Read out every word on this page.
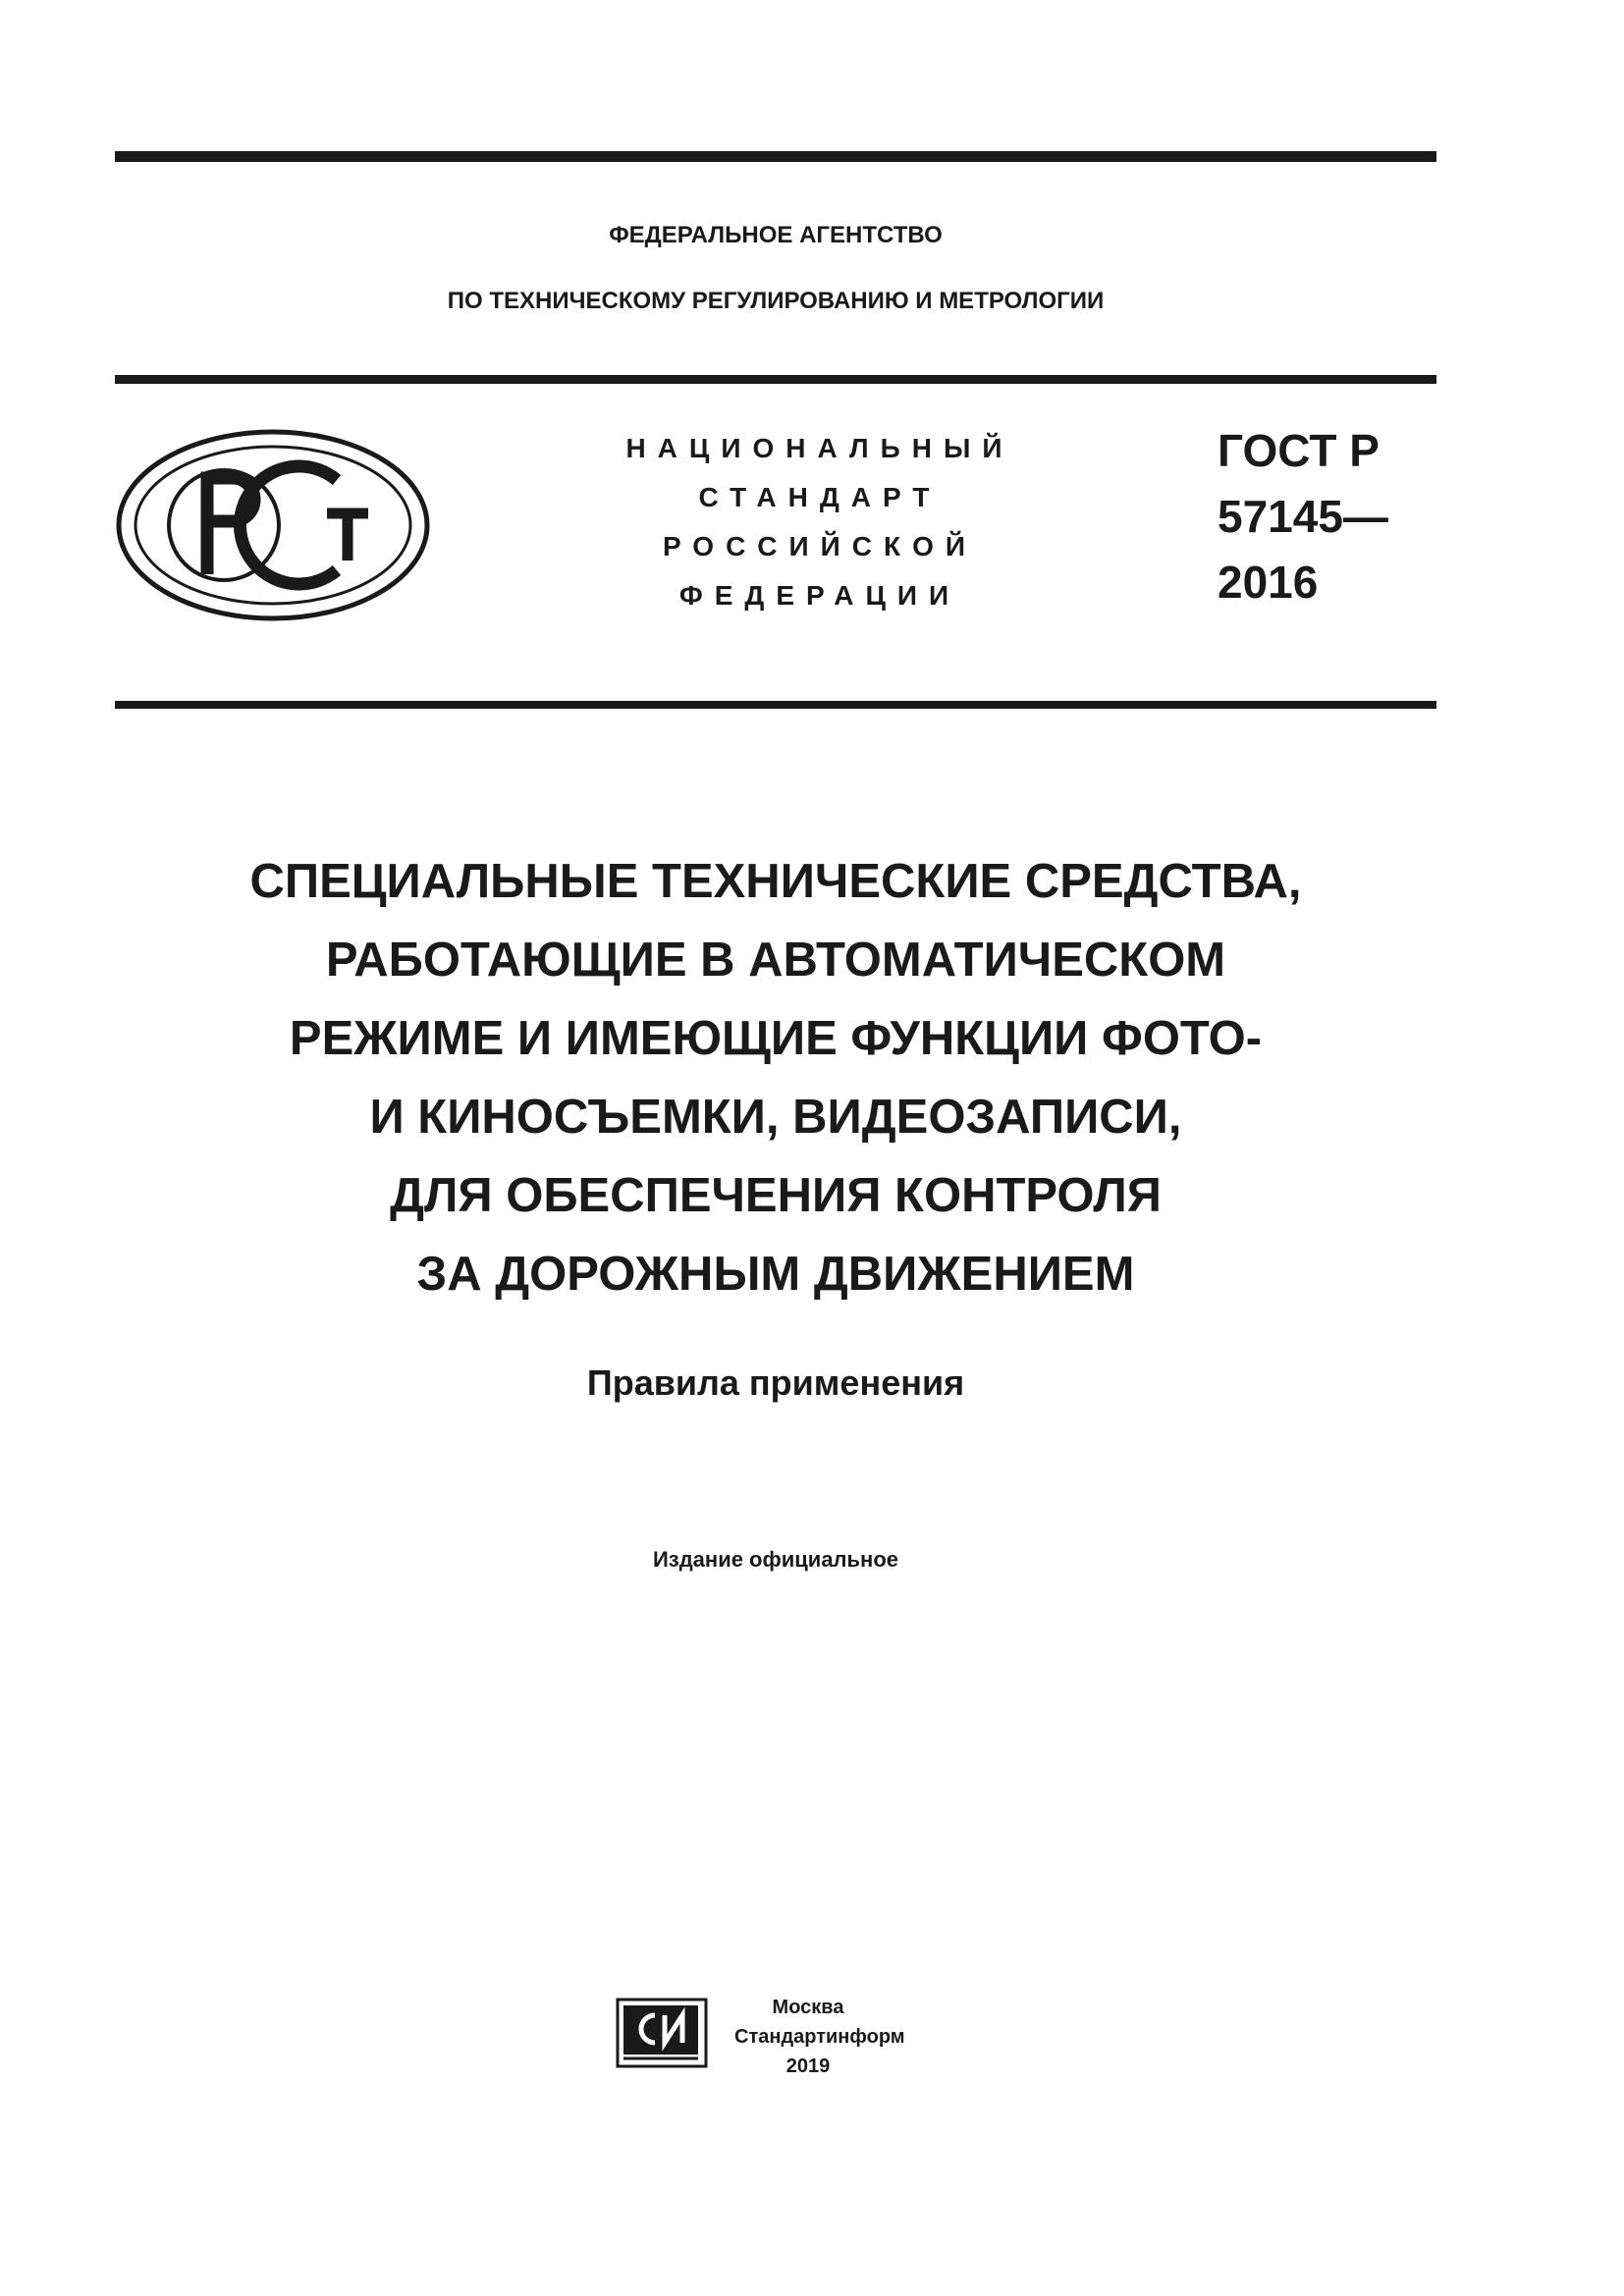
ФЕДЕРАЛЬНОЕ АГЕНТСТВО
ПО ТЕХНИЧЕСКОМУ РЕГУЛИРОВАНИЮ И МЕТРОЛОГИИ
НАЦИОНАЛЬНЫЙ
СТАНДАРТ
РОССИЙСКОЙ
ФЕДЕРАЦИИ
ГОСТ Р
57145—
2016
СПЕЦИАЛЬНЫЕ ТЕХНИЧЕСКИЕ СРЕДСТВА,
РАБОТАЮЩИЕ В АВТОМАТИЧЕСКОМ
РЕЖИМЕ И ИМЕЮЩИЕ ФУНКЦИИ ФОТО-
И КИНОСЪЕМКИ, ВИДЕОЗАПИСИ,
ДЛЯ ОБЕСПЕЧЕНИЯ КОНТРОЛЯ
ЗА ДОРОЖНЫМ ДВИЖЕНИЕМ
Правила применения
Издание официальное
Москва
Стандартинформ
2019
